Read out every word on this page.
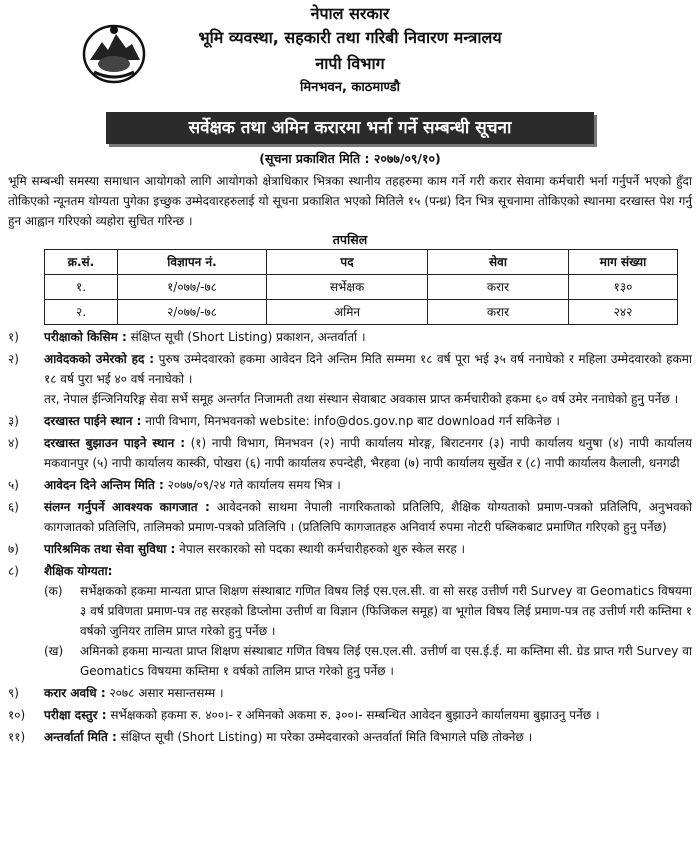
नेपाल सरकार
भूमि व्यवस्था, सहकारी तथा गरिबी निवारण मन्त्रालय
नापी विभाग
मिनभवन, काठमाण्डौ
सर्वेक्षक तथा अमिन करारमा भर्ना गर्ने सम्बन्धी सूचना
(सूचना प्रकाशित मिति : २०७७/०९/१०)
भूमि सम्बन्धी समस्या समाधान आयोगको लागि आयोगको क्षेत्राधिकार भित्रका स्थानीय तहहरुमा काम गर्ने गरी करार सेवामा कर्मचारी भर्ना गर्नुपर्ने भएको हुँदा तोकिएको न्यूनतम योग्यता पुगेका इच्छुक उम्मेदवारहरुलाई यो सूचना प्रकाशित भएको मितिले १५ (पन्ध्र) दिन भित्र सूचनामा तोकिएको स्थानमा दरखास्त पेश गर्नु हुन आह्वान गरिएको व्यहोरा सुचित गरिन्छ ।
तपसिल
क्र.सं.	विज्ञापन नं.	पद	सेवा	माग संख्या
१.	१/०७७/-७८	सर्भेक्षक	करार	१३०
२.	२/०७७/-७८	अमिन	करार	२४२
१)	परीक्षाको किसिम : संक्षिप्त सूची (Short Listing) प्रकाशन, अन्तर्वार्ता ।
२)	आवेदकको उमेरको हद : पुरुष उम्मेदवारको हकमा आवेदन दिने अन्तिम मिति सम्ममा १८ वर्ष पूरा भई ३५ वर्ष ननाघेको र महिला उम्मेदवारको हकमा १८ वर्ष पुरा भई ४० वर्ष ननाघेको ।
तर, नेपाल ईन्जिनियरिङ्ग सेवा सर्भे समूह अन्तर्गत निजामती तथा संस्थान सेवाबाट अवकास प्राप्त कर्मचारीको हकमा ६० वर्ष उमेर ननाघेको हुनु पर्नेछ ।
३)	दरखास्त पाईने स्थान : नापी विभाग, मिनभवनको website: info@dos.gov.np बाट download गर्न सकिनेछ ।
४)	दरखास्त बुझाउन पाइने स्थान : (१) नापी विभाग, मिनभवन (२) नापी कार्यालय मोरङ्ग, बिराटनगर (३) नापी कार्यालय धनुषा (४) नापी कार्यालय मकवानपुर (५) नापी कार्यालय कास्की, पोखरा (६) नापी कार्यालय रुपन्देही, भैरहवा (७) नापी कार्यालय सुर्खेत र (८) नापी कार्यालय कैलाली, धनगढी
५)	आवेदन दिने अन्तिम मिति : २०७७/०९/२४ गते कार्यालय समय भित्र ।
६)	संलग्न गर्नुपर्ने आवश्यक कागजात : आवेदनको साथमा नेपाली नागरिकताको प्रतिलिपि, शैक्षिक योग्यताको प्रमाण-पत्रको प्रतिलिपि, अनुभवको कागजातको प्रतिलिपि, तालिमको प्रमाण-पत्रको प्रतिलिपि । (प्रतिलिपि कागजातहरु अनिवार्य रुपमा नोटरी पब्लिकबाट प्रमाणित गरिएको हुनु पर्नेछ)
७)	पारिश्रमिक तथा सेवा सुविधा : नेपाल सरकारको सो पदका स्थायी कर्मचारीहरुको शुरु स्केल सरह ।
८)	शैक्षिक योग्यता:
(क)	सर्भेक्षकको हकमा मान्यता प्राप्त शिक्षण संस्थाबाट गणित विषय लिई एस.एल.सी. वा सो सरह उत्तीर्ण गरी Survey वा Geomatics विषयमा ३ वर्ष प्रविणता प्रमाण-पत्र तह सरहको डिप्लोमा उत्तीर्ण वा विज्ञान (फिजिकल समूह) वा भूगोल विषय लिई प्रमाण-पत्र तह उत्तीर्ण गरी कम्तिमा १ वर्षको जुनियर तालिम प्राप्त गरेको हुनु पर्नेछ ।
(ख)	अमिनको हकमा मान्यता प्राप्त शिक्षण संस्थाबाट गणित विषय लिई एस.एल.सी. उत्तीर्ण वा एस.ई.ई. मा कम्तिमा सी. ग्रेड प्राप्त गरी Survey वा Geomatics विषयमा कम्तिमा १ वर्षको तालिम प्राप्त गरेको हुनु पर्नेछ ।
९)	करार अवधि : २०७८ असार मसान्तसम्म ।
१०)	परीक्षा दस्तुर : सर्भेक्षकको हकमा रु. ४००।- र अमिनको अकमा रु. ३००।- सम्बन्धित आवेदन बुझाउने कार्यालयमा बुझाउनु पर्नेछ ।
११)	अन्तर्वार्ता मिति : संक्षिप्त सूची (Short Listing) मा परेका उम्मेदवारको अन्तर्वार्ता मिति विभागले पछि तोक्नेछ ।
